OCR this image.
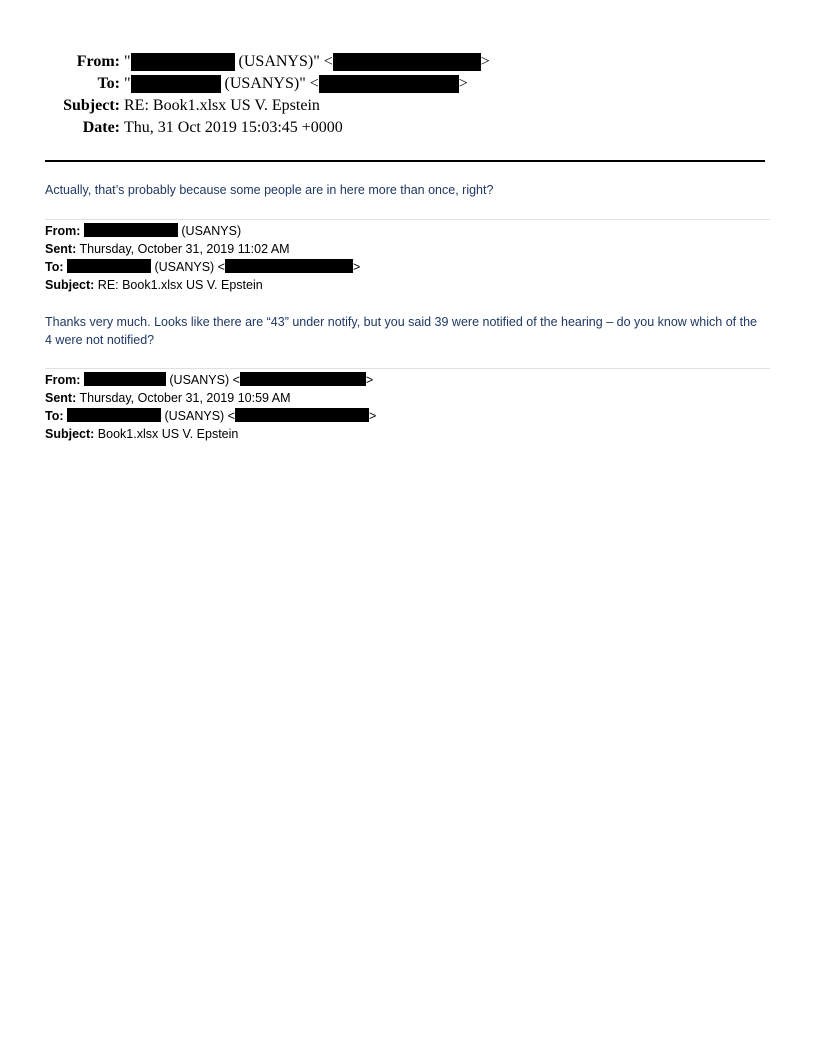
From: "	(USANYS)" <	>
To: "	(USANYS)" <	>
Subject: RE: Book1.xlsx US V. Epstein
Date: Thu, 31 Oct 2019 15:03:45 +0000
Actually, that’s probably because some people are in here more than once, right?
From:	(USANYS)
Sent: Thursday, October 31, 2019 11:02 AM
To:	(USANYS) <	>
Subject: RE: Book1.xlsx US V. Epstein
Thanks very much. Looks like there are “43” under notify, but you said 39 were notified of the hearing – do you know which of the 4 were not notified?
From:	(USANYS) <	>
Sent: Thursday, October 31, 2019 10:59 AM
To:	(USANYS) <	>
Subject: Book1.xlsx US V. Epstein
